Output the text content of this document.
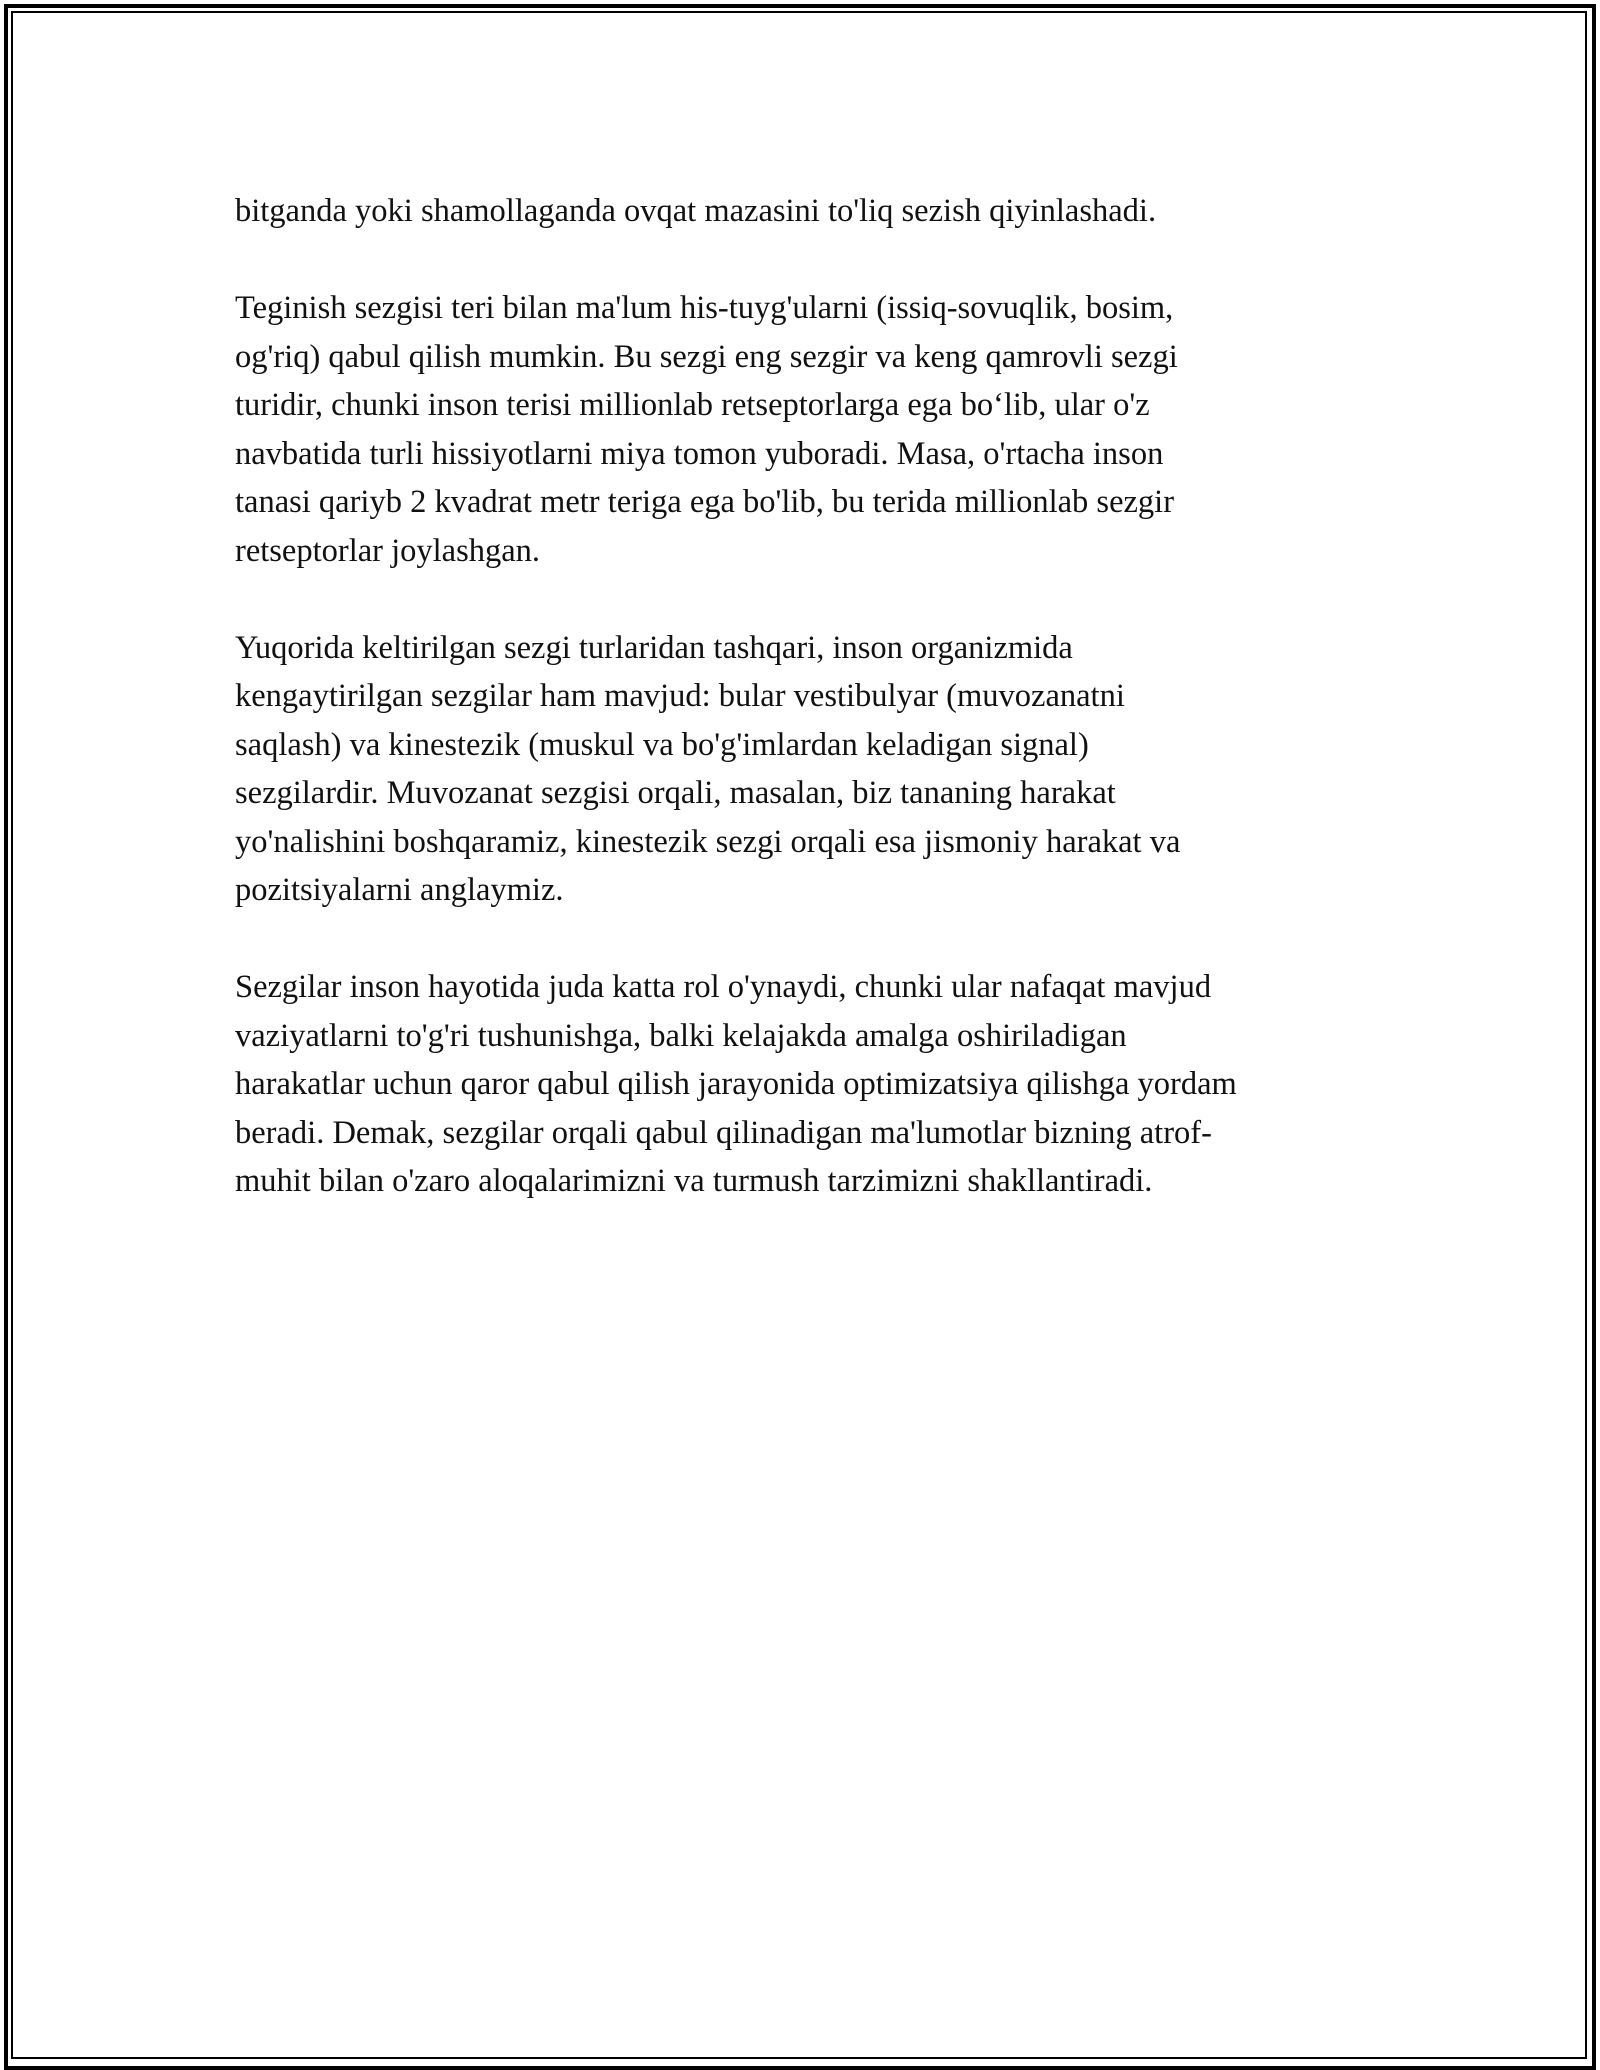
bitganda yoki shamollaganda ovqat mazasini to'liq sezish qiyinlashadi.

Teginish sezgisi teri bilan ma'lum his-tuyg'ularni (issiq-sovuqlik, bosim,
og'riq) qabul qilish mumkin. Bu sezgi eng sezgir va keng qamrovli sezgi
turidir, chunki inson terisi millionlab retseptorlarga ega bo‘lib, ular o'z
navbatida turli hissiyotlarni miya tomon yuboradi. Masa, o'rtacha inson
tanasi qariyb 2 kvadrat metr teriga ega bo'lib, bu terida millionlab sezgir
retseptorlar joylashgan.

Yuqorida keltirilgan sezgi turlaridan tashqari, inson organizmida
kengaytirilgan sezgilar ham mavjud: bular vestibulyar (muvozanatni
saqlash) va kinestezik (muskul va bo'g'imlardan keladigan signal)
sezgilardir. Muvozanat sezgisi orqali, masalan, biz tananing harakat
yo'nalishini boshqaramiz, kinestezik sezgi orqali esa jismoniy harakat va
pozitsiyalarni anglaymiz.

Sezgilar inson hayotida juda katta rol o'ynaydi, chunki ular nafaqat mavjud
vaziyatlarni to'g'ri tushunishga, balki kelajakda amalga oshiriladigan
harakatlar uchun qaror qabul qilish jarayonida optimizatsiya qilishga yordam
beradi. Demak, sezgilar orqali qabul qilinadigan ma'lumotlar bizning atrof-
muhit bilan o'zaro aloqalarimizni va turmush tarzimizni shakllantiradi.
